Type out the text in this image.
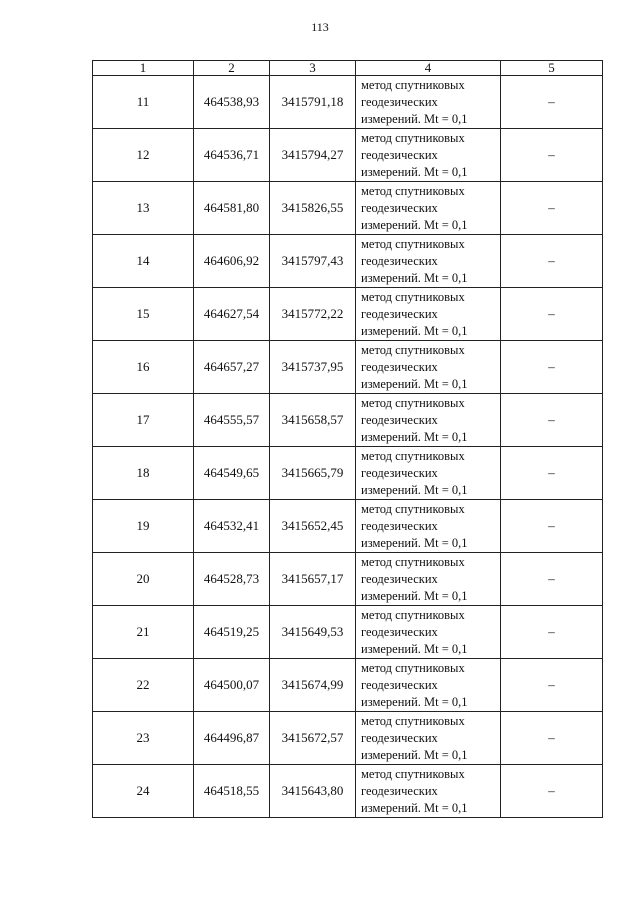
113
1	2	3	4	5
11	464538,93	3415791,18	метод спутниковых
геодезических
измерений. Mt = 0,1	–
12	464536,71	3415794,27	метод спутниковых
геодезических
измерений. Mt = 0,1	–
13	464581,80	3415826,55	метод спутниковых
геодезических
измерений. Mt = 0,1	–
14	464606,92	3415797,43	метод спутниковых
геодезических
измерений. Mt = 0,1	–
15	464627,54	3415772,22	метод спутниковых
геодезических
измерений. Mt = 0,1	–
16	464657,27	3415737,95	метод спутниковых
геодезических
измерений. Mt = 0,1	–
17	464555,57	3415658,57	метод спутниковых
геодезических
измерений. Mt = 0,1	–
18	464549,65	3415665,79	метод спутниковых
геодезических
измерений. Mt = 0,1	–
19	464532,41	3415652,45	метод спутниковых
геодезических
измерений. Mt = 0,1	–
20	464528,73	3415657,17	метод спутниковых
геодезических
измерений. Mt = 0,1	–
21	464519,25	3415649,53	метод спутниковых
геодезических
измерений. Mt = 0,1	–
22	464500,07	3415674,99	метод спутниковых
геодезических
измерений. Mt = 0,1	–
23	464496,87	3415672,57	метод спутниковых
геодезических
измерений. Mt = 0,1	–
24	464518,55	3415643,80	метод спутниковых
геодезических
измерений. Mt = 0,1	–
